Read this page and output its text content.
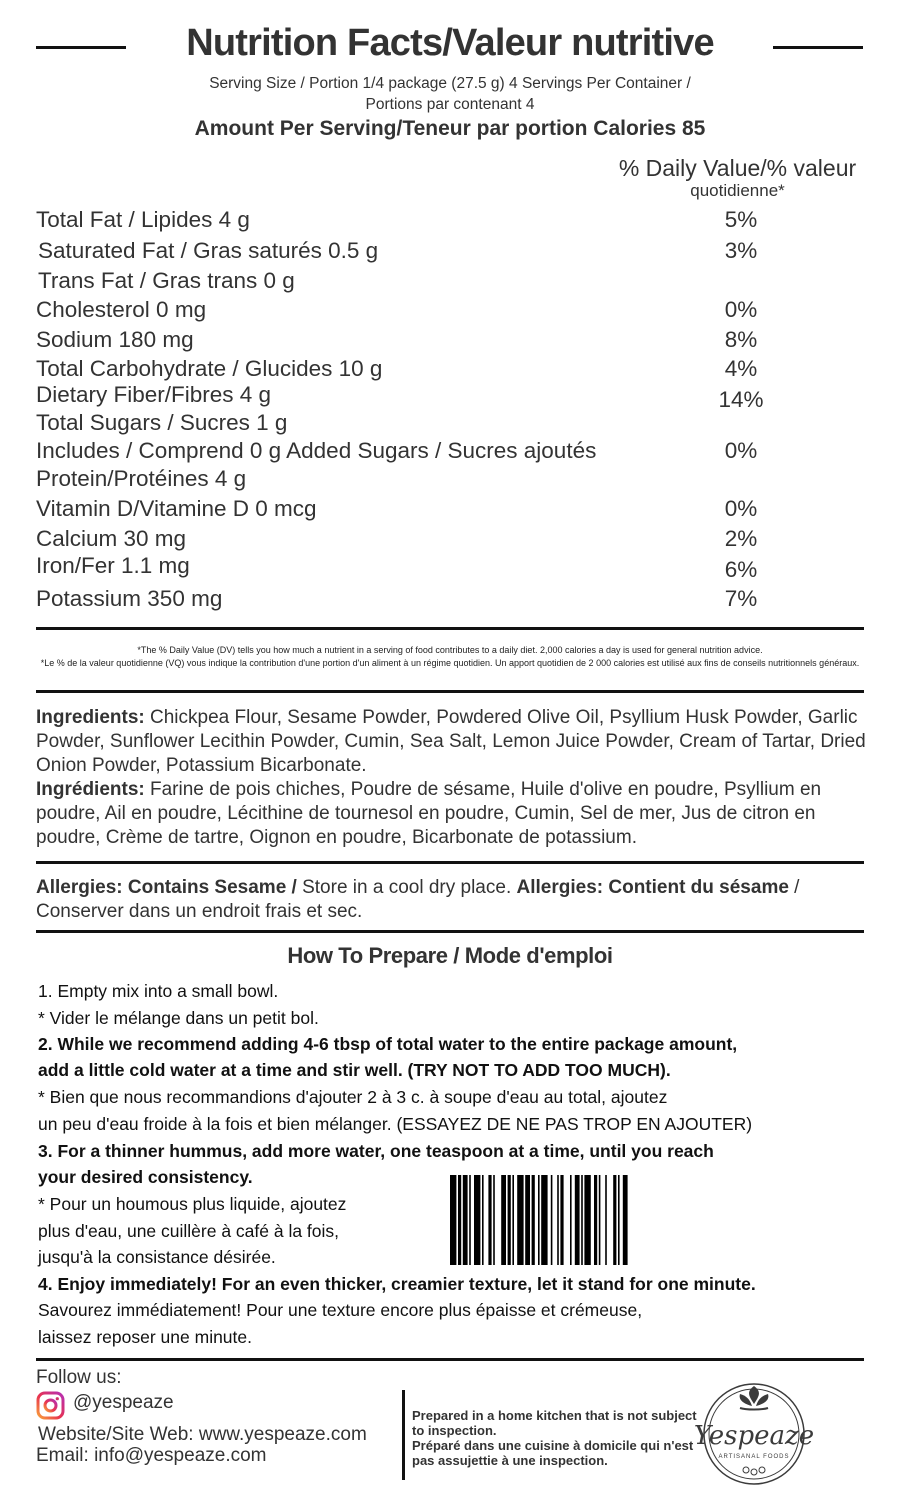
Nutrition Facts/Valeur nutritive
Serving Size / Portion 1/4 package (27.5 g) 4 Servings Per Container /
Portions par contenant 4
Amount Per Serving/Teneur par portion Calories 85
% Daily Value/% valeur
quotidienne*
Total Fat / Lipides 4 g	5%
Saturated Fat / Gras saturés 0.5 g	3%
Trans Fat / Gras trans 0 g
Cholesterol 0 mg	0%
Sodium 180 mg	8%
Total Carbohydrate / Glucides 10 g	4%
Dietary Fiber/Fibres 4 g	14%
Total Sugars / Sucres 1 g
Includes / Comprend 0 g Added Sugars / Sucres ajoutés	0%
Protein/Protéines 4 g
Vitamin D/Vitamine D 0 mcg	0%
Calcium 30 mg	2%
Iron/Fer 1.1 mg	6%
Potassium 350 mg	7%
*The % Daily Value (DV) tells you how much a nutrient in a serving of food contributes to a daily diet. 2,000 calories a day is used for general nutrition advice.
*Le % de la valeur quotidienne (VQ) vous indique la contribution d'une portion d'un aliment à un régime quotidien. Un apport quotidien de 2 000 calories est utilisé aux fins de conseils nutritionnels généraux.
Ingredients: Chickpea Flour, Sesame Powder, Powdered Olive Oil, Psyllium Husk Powder, Garlic Powder, Sunflower Lecithin Powder, Cumin, Sea Salt, Lemon Juice Powder, Cream of Tartar, Dried Onion Powder, Potassium Bicarbonate.
Ingrédients: Farine de pois chiches, Poudre de sésame, Huile d'olive en poudre, Psyllium en poudre, Ail en poudre, Lécithine de tournesol en poudre, Cumin, Sel de mer, Jus de citron en poudre, Crème de tartre, Oignon en poudre, Bicarbonate de potassium.
Allergies: Contains Sesame / Store in a cool dry place. Allergies: Contient du sésame / Conserver dans un endroit frais et sec.
How To Prepare / Mode d'emploi
1. Empty mix into a small bowl.
* Vider le mélange dans un petit bol.
2. While we recommend adding 4-6 tbsp of total water to the entire package amount,
add a little cold water at a time and stir well. (TRY NOT TO ADD TOO MUCH).
* Bien que nous recommandions d'ajouter 2 à 3 c. à soupe d'eau au total, ajoutez
un peu d'eau froide à la fois et bien mélanger. (ESSAYEZ DE NE PAS TROP EN AJOUTER)
3. For a thinner hummus, add more water, one teaspoon at a time, until you reach
your desired consistency.
* Pour un houmous plus liquide, ajoutez
plus d'eau, une cuillère à café à la fois,
jusqu'à la consistance désirée.
4. Enjoy immediately! For an even thicker, creamier texture, let it stand for one minute.
Savourez immédiatement! Pour une texture encore plus épaisse et crémeuse,
laissez reposer une minute.
Follow us:
@yespeaze
Website/Site Web: www.yespeaze.com
Email: info@yespeaze.com
Prepared in a home kitchen that is not subject to inspection.
Préparé dans une cuisine à domicile qui n'est pas assujettie à une inspection.
Yespeaze
ARTISANAL FOODS
